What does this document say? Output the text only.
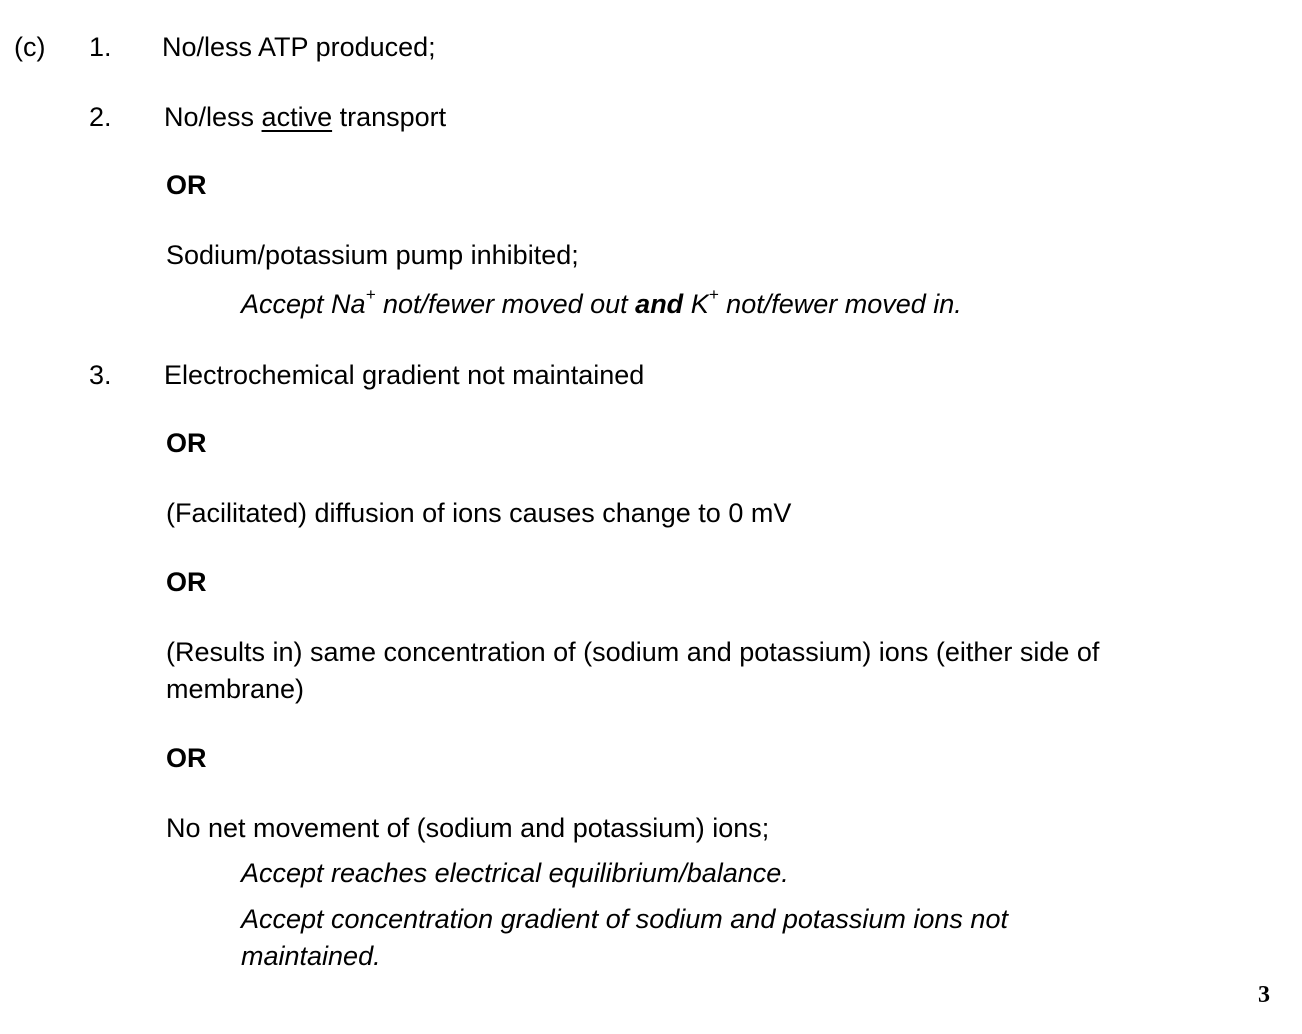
(c) 1. No/less ATP produced;
2. No/less active transport
OR
Sodium/potassium pump inhibited;
Accept Na+ not/fewer moved out and K+ not/fewer moved in.
3. Electrochemical gradient not maintained
OR
(Facilitated) diffusion of ions causes change to 0 mV
OR
(Results in) same concentration of (sodium and potassium) ions (either side of membrane)
OR
No net movement of (sodium and potassium) ions;
Accept reaches electrical equilibrium/balance.
Accept concentration gradient of sodium and potassium ions not maintained.
3
